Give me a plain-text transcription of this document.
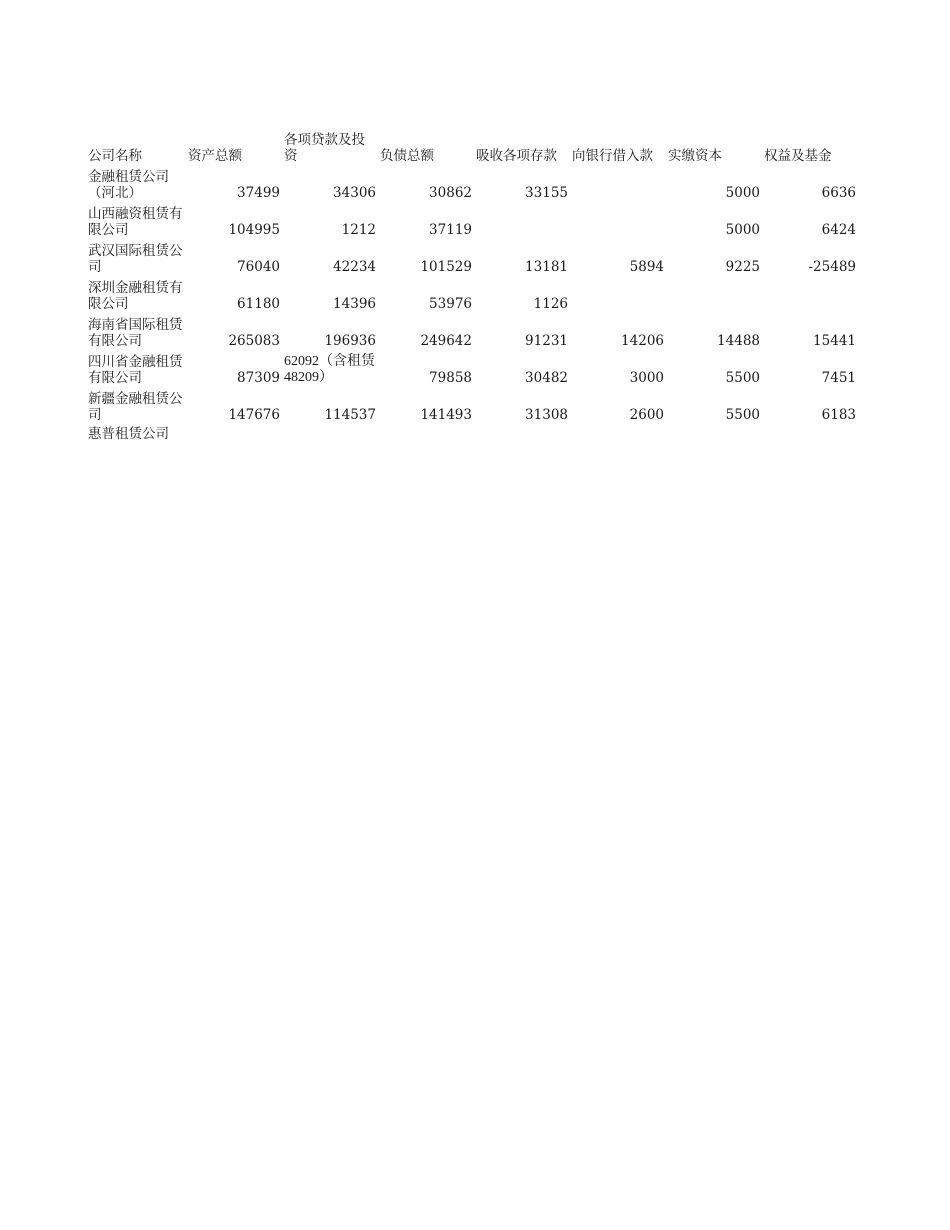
公司名称	资产总额	各项贷款及投资	负债总额	吸收各项存款	向银行借入款	实缴资本	权益及基金
金融租赁公司（河北）	37499	34306	30862	33155		5000	6636
山西融资租赁有限公司	104995	1212	37119			5000	6424
武汉国际租赁公司	76040	42234	101529	13181	5894	9225	-25489
深圳金融租赁有限公司	61180	14396	53976	1126			
海南省国际租赁有限公司	265083	196936	249642	91231	14206	14488	15441
四川省金融租赁有限公司	87309	62092（含租赁48209）	79858	30482	3000	5500	7451
新疆金融租赁公司	147676	114537	141493	31308	2600	5500	6183
惠普租赁公司							
